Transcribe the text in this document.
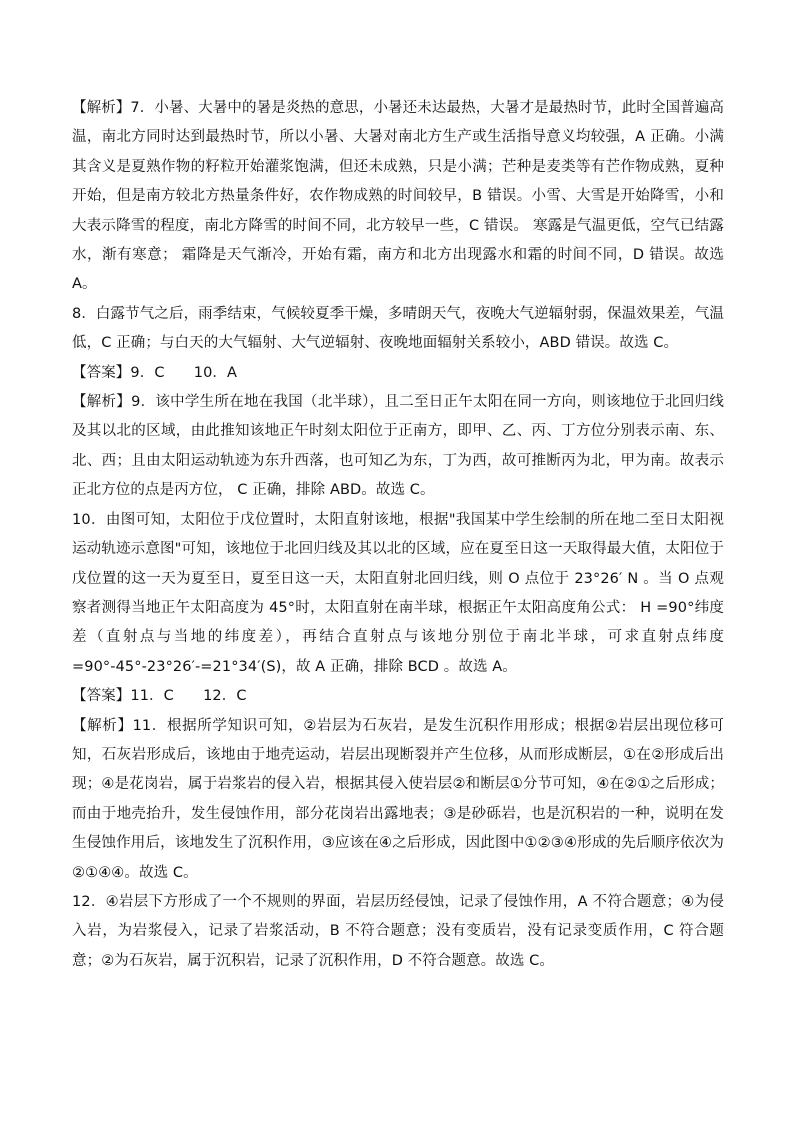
【解析】7．小暑、大暑中的暑是炎热的意思，小暑还未达最热，大暑才是最热时节，此时全国普遍高温，南北方同时达到最热时节，所以小暑、大暑对南北方生产或生活指导意义均较强，A 正确。小满其含义是夏熟作物的籽粒开始灌浆饱满，但还未成熟，只是小满；芒种是麦类等有芒作物成熟，夏种开始，但是南方较北方热量条件好，农作物成熟的时间较早，B 错误。小雪、大雪是开始降雪，小和大表示降雪的程度，南北方降雪的时间不同，北方较早一些，C 错误。 寒露是气温更低，空气已结露水，渐有寒意； 霜降是天气渐冷，开始有霜，南方和北方出现露水和霜的时间不同，D 错误。故选 A。

8．白露节气之后，雨季结束，气候较夏季干燥，多晴朗天气，夜晚大气逆辐射弱，保温效果差，气温低，C 正确；与白天的大气辐射、大气逆辐射、夜晚地面辐射关系较小，ABD 错误。故选 C。

【答案】9．C　　10．A

【解析】9．该中学生所在地在我国（北半球），且二至日正午太阳在同一方向，则该地位于北回归线及其以北的区域，由此推知该地正午时刻太阳位于正南方，即甲、乙、丙、丁方位分别表示南、东、北、西；且由太阳运动轨迹为东升西落，也可知乙为东，丁为西，故可推断丙为北，甲为南。故表示正北方位的点是丙方位， C 正确，排除 ABD。故选 C。

10．由图可知，太阳位于戊位置时，太阳直射该地，根据"我国某中学生绘制的所在地二至日太阳视运动轨迹示意图"可知，该地位于北回归线及其以北的区域，应在夏至日这一天取得最大值，太阳位于戊位置的这一天为夏至日，夏至日这一天，太阳直射北回归线，则 O 点位于 23°26′ N 。当 O 点观察者测得当地正午太阳高度为 45°时，太阳直射在南半球，根据正午太阳高度角公式： H =90°纬度差（直射点与当地的纬度差），再结合直射点与该地分别位于南北半球，可求直射点纬度=90°-45°-23°26′-=21°34′(S)，故 A 正确，排除 BCD 。故选 A。

【答案】11．C　　12．C

【解析】11．根据所学知识可知，②岩层为石灰岩，是发生沉积作用形成；根据②岩层出现位移可知，石灰岩形成后，该地由于地壳运动，岩层出现断裂并产生位移，从而形成断层，①在②形成后出现；④是花岗岩，属于岩浆岩的侵入岩，根据其侵入使岩层②和断层①分节可知，④在②①之后形成；而由于地壳抬升，发生侵蚀作用，部分花岗岩出露地表；③是砂砾岩，也是沉积岩的一种，说明在发生侵蚀作用后，该地发生了沉积作用，③应该在④之后形成，因此图中①②③④形成的先后顺序依次为②①④④。故选 C。

12．④岩层下方形成了一个不规则的界面，岩层历经侵蚀，记录了侵蚀作用，A 不符合题意；④为侵入岩，为岩浆侵入，记录了岩浆活动，B 不符合题意；没有变质岩，没有记录变质作用，C 符合题意；②为石灰岩，属于沉积岩，记录了沉积作用，D 不符合题意。故选 C。
